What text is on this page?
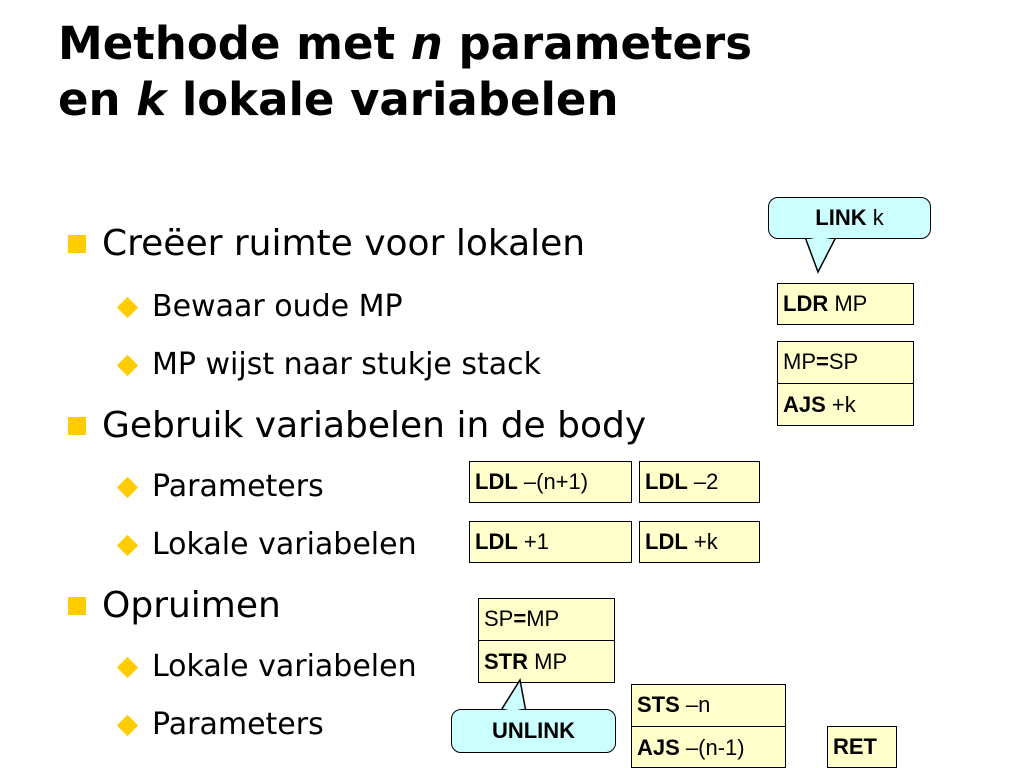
Methode met n parameters
en k lokale variabelen
Creëer ruimte voor lokalen
Bewaar oude MP
MP wijst naar stukje stack
Gebruik variabelen in de body
Parameters
Lokale variabelen
Opruimen
Lokale variabelen
Parameters
LINK k
LDR MP
MP=SP
AJS +k
LDL –(n+1)	LDL –2
LDL +1	LDL +k
SP=MP
STR MP
UNLINK
STS –n
AJS –(n-1)	RET
